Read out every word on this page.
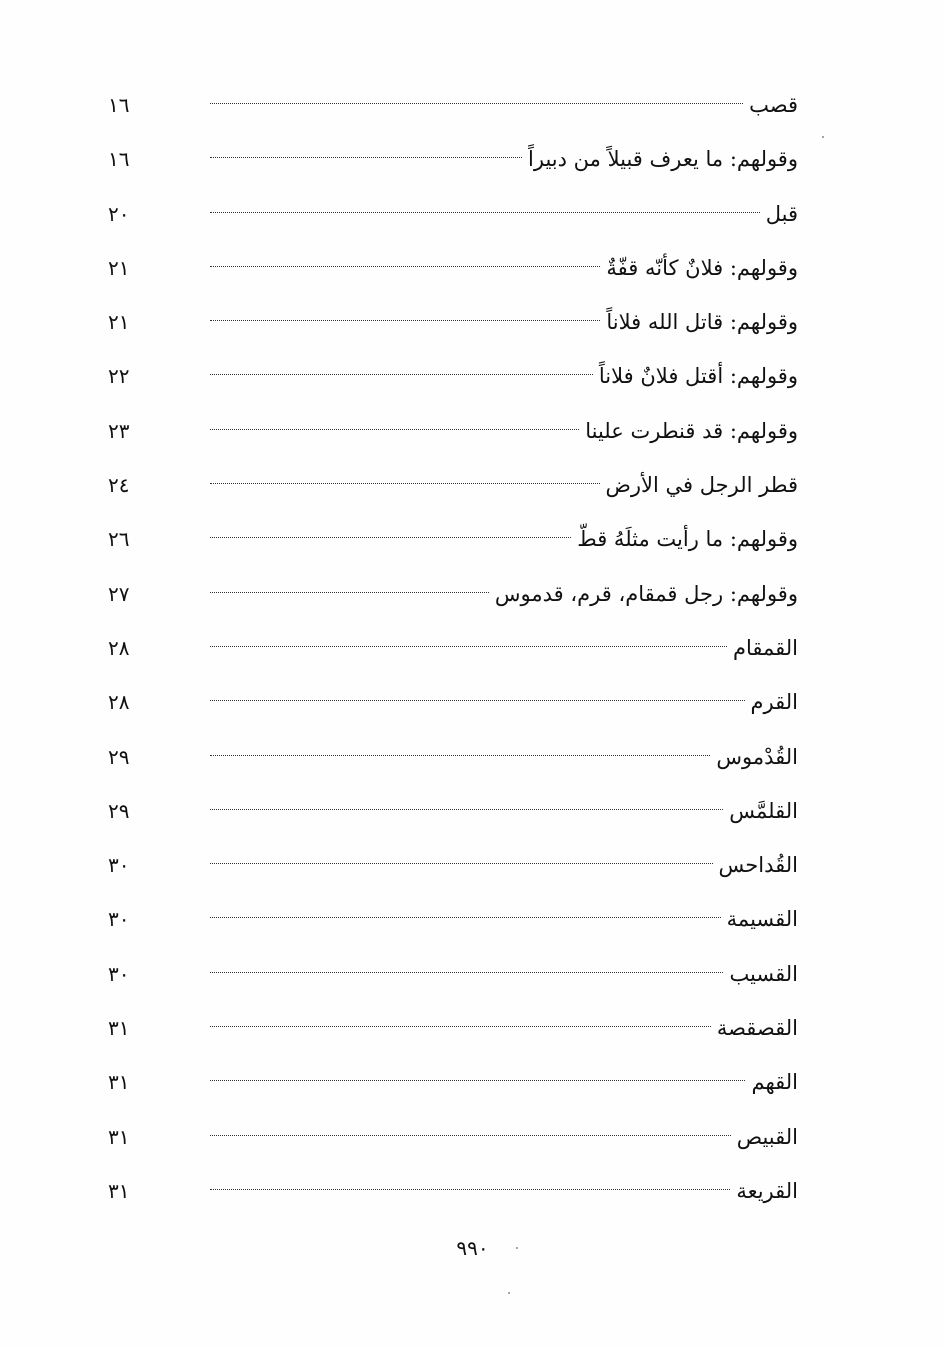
قصب
١٦
وقولهم: ما يعرف قبيلاً من دبيراً
١٦
قبل
٢٠
وقولهم: فلانٌ كأنّه قفّةٌ
٢١
وقولهم: قاتل الله فلاناً
٢١
وقولهم: أقتل فلانٌ فلاناً
٢٢
وقولهم: قد قنطرت علينا
٢٣
قطر الرجل في الأرض
٢٤
وقولهم: ما رأيت مثلَهُ قطّ
٢٦
وقولهم: رجل قمقام، قرم، قدموس
٢٧
القمقام
٢٨
القرم
٢٨
القُدْموس
٢٩
القلمَّس
٢٩
القُداحس
٣٠
القسيمة
٣٠
القسيب
٣٠
القصقصة
٣١
القهم
٣١
القبيص
٣١
القريعة
٣١
٩٩٠
